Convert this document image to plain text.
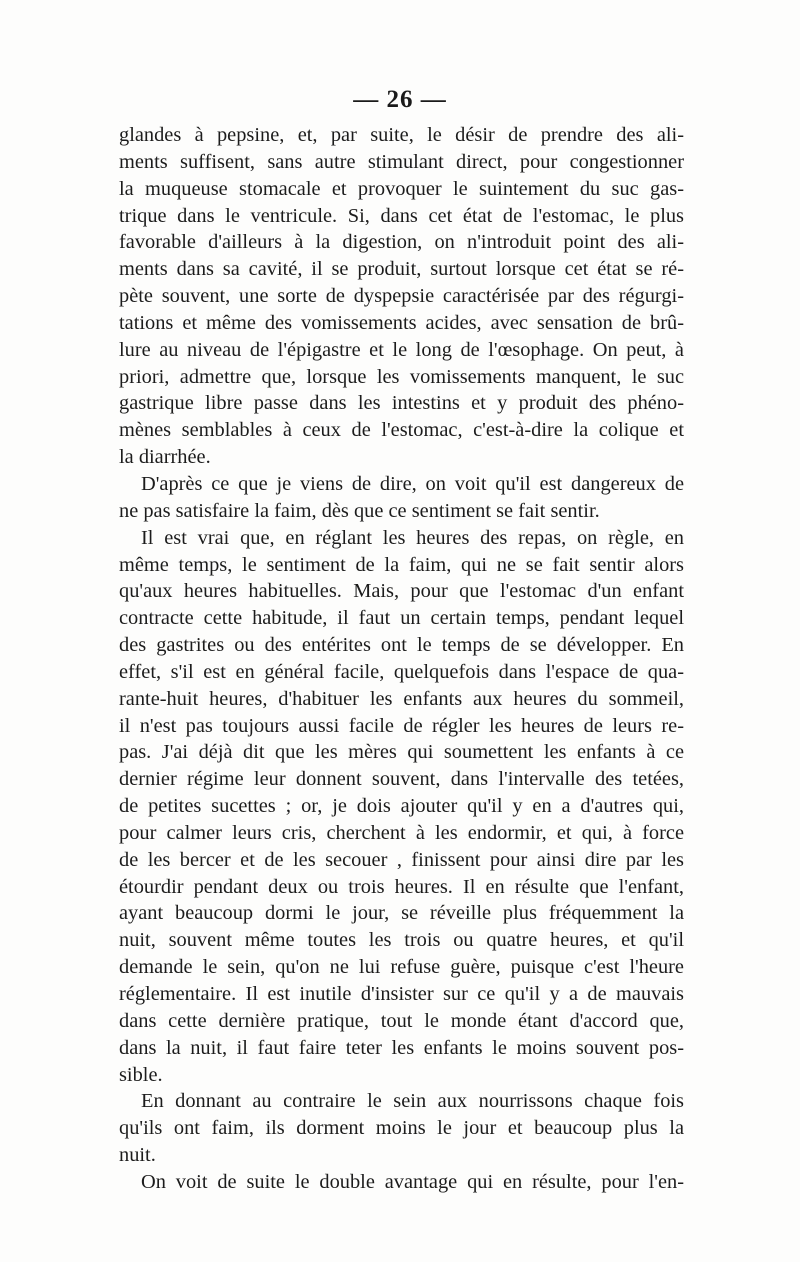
— 26 —
glandes à pepsine, et, par suite, le désir de prendre des ali-
ments suffisent, sans autre stimulant direct, pour congestionner
la muqueuse stomacale et provoquer le suintement du suc gas-
trique dans le ventricule. Si, dans cet état de l'estomac, le plus
favorable d'ailleurs à la digestion, on n'introduit point des ali-
ments dans sa cavité, il se produit, surtout lorsque cet état se ré-
pète souvent, une sorte de dyspepsie caractérisée par des régurgi-
tations et même des vomissements acides, avec sensation de brû-
lure au niveau de l'épigastre et le long de l'œsophage. On peut, à
priori, admettre que, lorsque les vomissements manquent, le suc
gastrique libre passe dans les intestins et y produit des phéno-
mènes semblables à ceux de l'estomac, c'est-à-dire la colique et
la diarrhée.
D'après ce que je viens de dire, on voit qu'il est dangereux de
ne pas satisfaire la faim, dès que ce sentiment se fait sentir.
Il est vrai que, en réglant les heures des repas, on règle, en
même temps, le sentiment de la faim, qui ne se fait sentir alors
qu'aux heures habituelles. Mais, pour que l'estomac d'un enfant
contracte cette habitude, il faut un certain temps, pendant lequel
des gastrites ou des entérites ont le temps de se développer. En
effet, s'il est en général facile, quelquefois dans l'espace de qua-
rante-huit heures, d'habituer les enfants aux heures du sommeil,
il n'est pas toujours aussi facile de régler les heures de leurs re-
pas. J'ai déjà dit que les mères qui soumettent les enfants à ce
dernier régime leur donnent souvent, dans l'intervalle des tetées,
de petites sucettes ; or, je dois ajouter qu'il y en a d'autres qui,
pour calmer leurs cris, cherchent à les endormir, et qui, à force
de les bercer et de les secouer , finissent pour ainsi dire par les
étourdir pendant deux ou trois heures. Il en résulte que l'enfant,
ayant beaucoup dormi le jour, se réveille plus fréquemment la
nuit, souvent même toutes les trois ou quatre heures, et qu'il
demande le sein, qu'on ne lui refuse guère, puisque c'est l'heure
réglementaire. Il est inutile d'insister sur ce qu'il y a de mauvais
dans cette dernière pratique, tout le monde étant d'accord que,
dans la nuit, il faut faire teter les enfants le moins souvent pos-
sible.
En donnant au contraire le sein aux nourrissons chaque fois
qu'ils ont faim, ils dorment moins le jour et beaucoup plus la
nuit.
On voit de suite le double avantage qui en résulte, pour l'en-
